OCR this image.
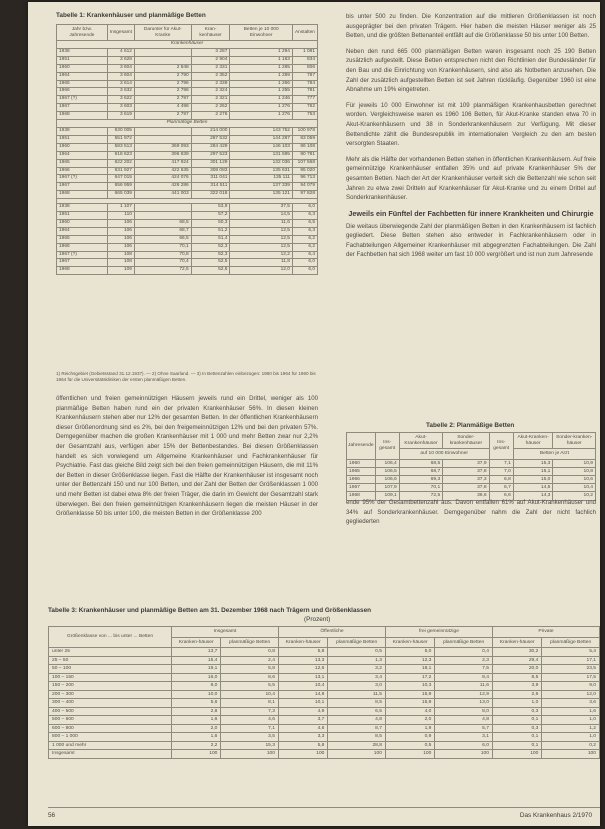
Tabelle 1: Krankenhäuser und planmäßige Betten
Jahr bzw. Jahresende	Insgesamt	Darunter für Akut-Kranke	Kran-kenhäuser	Betten je 10 000 Einwohner	Anstalten
Krankenhäuser					
1938	4 612		3 287	1 294	1 081
1951	3 628		2 904	1 163	834
1960	3 604	2 848	2 331	1 285	806
1964	3 604	2 790	2 352	1 289	787
1965	3 614	2 796	2 339	1 266	784
1966	3 632	2 798	2 324	1 255	781
1967 (?)	3 622	2 797	2 321	1 246	777
1967	3 603	4 498	2 262	1 276	762
1968	3 619	2 797	2 276	1 276	753
Planmäßige Betten					
1938	630 005		214 000	143 752	100 978
1951	551 972		287 532	144 287	83 059
1960	583 513	369 093	284 429	146 103	86 108
1964	618 623	396 839	297 523	131 595	90 781
1965	622 202	417 924	301 129	132 036	107 568
1966	631 927	422 635	308 083	135 631	95 020
1967 (?)	647 015	424 076	311 041	135 111	96 713
1967	656 959	426 286	314 511	137 339	94 079
1968	665 039	441 003	322 018	135 121	97 828

1938	1 107		53,9	37,5	6,0
1951	110		57,2	14,5	6,3
1960	106	68,5	50,3	11,6	6,5
1964	106	68,7	51,2	12,5	6,3
1965	106	66,5	51,4	12,5	6,2
1966	106	70,1	52,3	12,5	6,2
1967 (?)	108	70,8	52,3	12,2	6,4
1967	108	70,4	52,5	11,8	6,0
1968	109	72,5	52,8	12,0	6,0
1) Reichsgebiet (Gebietsstand 31.12.1937). — 2) Ohne Saarland. — 3) In Bettenzahlen einbezogen: 1960 bis 1964 für 1960 bis 1964 für die Universitätskliniken der ersten planmäßigen Betten.

öffentlichen und freien gemeinnützigen Häusern jeweils rund ein Drittel, weniger als 100 planmäßige Betten haben rund ein der privaten Krankenhäuser 56%. In diesen kleinen Krankenhäusern stehen aber nur 12% der gesamten Betten. In der öffentlichen Krankenhäusern dieser Größenordnung sind es 2%, bei den freigemeinnützigen 12% und bei den privaten 57%. Demgegenüber machen die großen Krankenhäuser mit 1 000 und mehr Betten zwar nur 2,2% der Gesamtzahl aus, verfügen aber 15% der Bettenbestandes. Bei diesen Größenklassen handelt es sich vorwiegend um Allgemeine Krankenhäuser und Fachkrankenhäuser für Psychiatrie. Fast das gleiche Bild zeigt sich bei den freien gemeinnützigen Häusern, die mit 11% der Betten in dieser Größenklasse liegen. Fast die Hälfte der Krankenhäuser ist insgesamt noch unter der Bettenzahl 150 und nur 100 Betten, und der Zahl der Betten der Größenklassen 1 000 und mehr Betten ist dabei etwa 8% der freien Träger, die darin im Gewicht der Gesamtzahl stark überwiegen. Bei den freien gemeinnützigen Krankenhäusern liegen die meisten Häuser in der Größenklasse 50 bis unter 100, die meisten Betten in der Größenklasse 200

bis unter 500 zu finden. Die Konzentration auf die mittleren Größenklassen ist noch ausgeprägter bei den privaten Trägern. Hier haben die meisten Häuser weniger als 25 Betten, und die größten Bettenanteil entfällt auf die Größenklasse 50 bis unter 100 Betten.

Neben den rund 665 000 planmäßigen Betten waren insgesamt noch 25 190 Betten zusätzlich aufgestellt. Diese Betten entsprechen nicht den Richtlinien der Bundesländer für den Bau und die Einrichtung von Krankenhäusern, sind also als Notbetten anzusehen. Die Zahl der zusätzlich aufgestellten Betten ist seit Jahren rückläufig. Gegenüber 1960 ist eine Abnahme um 19% eingetreten.

Für jeweils 10 000 Einwohner ist mit 109 planmäßigen Krankenhausbetten gerechnet worden. Vergleichsweise waren es 1960 106 Betten, für Akut-Kranke standen etwa 70 in Akut-Krankenhäusern und 38 in Sonderkrankenhäusern zur Verfügung. Mit dieser Bettendichte zählt die Bundesrepublik im internationalen Vergleich zu den am besten versorgten Staaten.

Mehr als die Hälfte der vorhandenen Betten stehen in öffentlichen Krankenhäusern. Auf freie gemeinnützige Krankenhäuser entfallen 35% und auf private Krankenhäuser 5% der gesamten Betten. Nach der Art der Krankenhäuser verteilt sich die Bettenzahl wie schon seit Jahren zu etwa zwei Dritteln auf Krankenhäuser für Akut-Kranke und zu einem Drittel auf Sonderkrankenhäuser.

Jeweils ein Fünftel der Fachbetten für innere Krankheiten und Chirurgie

Die weitaus überwiegende Zahl der planmäßigen Betten in den Krankenhäusern ist fachlich gegliedert. Diese Betten stehen also entweder in Fachkrankenhäusern oder in Fachabteilungen Allgemeiner Krankenhäuser mit abgegrenzten Fachabteilungen. Die Zahl der Fachbetten hat sich 1968 weiter um fast 10 000 vergrößert und ist nun zum Jahresende

Tabelle 2: Planmäßige Betten
Jahresende	Ins-gesamt	Akut-Krankenhäuser	Sonder-krankenhäuser	Ins-gesamt	Akut-Kranken-häuser	Sonder-kranken-häuser
		auf 10 000 Einwohner			Betten je Arzt	
1960	106,4	68,5	37,9	7,1	15,3	10,9
1965	106,5	68,7	37,8	7,0	15,1	10,8
1966	106,6	69,3	37,3	6,8	15,0	10,6
1967	107,9	70,1	37,8	6,7	14,5	10,4
1968	109,1	72,5	36,6	6,6	14,3	10,2
ende 95% der Gesamtbettenzahl aus. Davon entfallen 61% auf Akut-Krankenhäuser und 34% auf Sonderkrankenhäuser. Demgegenüber nahm die Zahl der nicht fachlich gegliederten
Tabelle 3: Krankenhäuser und planmäßige Betten am 31. Dezember 1968 nach Trägern und Größenklassen
(Prozent)
Größenklasse von ... bis unter ... Betten	Insgesamt		Öffentliche		frei gemeinnützige		Private	
	Kranken-häuser	planmäßige Betten	Kranken-häuser	planmäßige Betten	Kranken-häuser	planmäßige Betten	Kranken-häuser	planmäßige Betten
unter 25	13,7	0,8	5,8	0,5	5,0	0,4	30,2	5,4
25 – 50	15,4	2,4	13,3	1,3	12,3	2,3	29,4	17,1
50 – 100	19,1	5,8	12,6	3,2	18,1	7,5	20,0	23,5
100 – 150	16,0	8,6	13,1	3,4	17,2	8,4	8,5	17,5
150 – 200	8,0	5,5	10,4	3,0	10,3	11,6	3,9	9,0
200 – 300	10,0	10,4	14,8	11,5	15,9	12,9	2,6	12,0
300 – 400	5,6	8,1	10,1	8,5	15,9	13,0	1,0	3,6
400 – 500	2,8	7,3	4,9	6,5	4,0	8,0	0,3	1,6
500 – 600	1,6	4,6	3,7	4,8	2,0	4,8	0,1	1,0
600 – 800	2,0	7,1	4,6	8,7	1,9	5,7	0,3	1,2
800 – 1 000	1,6	3,5	3,3	8,5	0,9	3,1	0,1	1,0
1 000 und mehr	2,2	15,3	5,8	28,8	0,5	6,0	0,1	0,2
Insgesamt	100	100	100	100	100	100	100	100
56	Das Krankenhaus 2/1970
